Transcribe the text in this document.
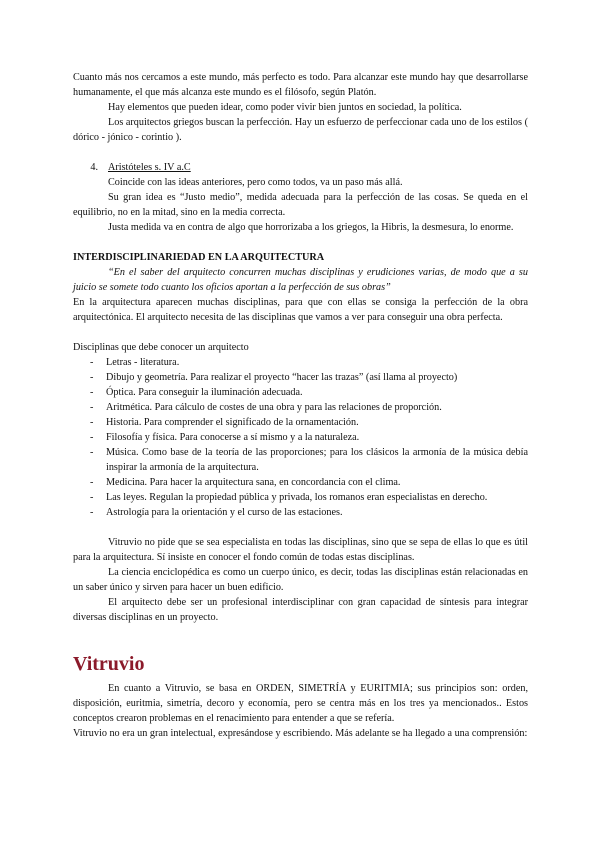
Cuanto más nos cercamos a este mundo, más perfecto es todo. Para alcanzar este mundo hay que desarrollarse humanamente, el que más alcanza este mundo es el filósofo, según Platón.

Hay elementos que pueden idear, como poder vivir bien juntos en sociedad, la política.

Los arquitectos griegos buscan la perfección. Hay un esfuerzo de perfeccionar cada uno de los estilos ( dórico - jónico - corintio ).

4. Aristóteles s. IV a.C

Coincide con las ideas anteriores, pero como todos, va un paso más allá.

Su gran idea es “Justo medio”, medida adecuada para la perfección de las cosas. Se queda en el equilibrio, no en la mitad, sino en la media correcta.

Justa medida va en contra de algo que horrorizaba a los griegos, la Hibris, la desmesura, lo enorme.

INTERDISCIPLINARIEDAD EN LA ARQUITECTURA

“En el saber del arquitecto concurren muchas disciplinas y erudiciones varias, de modo que a su juicio se somete todo cuanto los oficios aportan a la perfección de sus obras”

En la arquitectura aparecen muchas disciplinas, para que con ellas se consiga la perfección de la obra arquitectónica. El arquitecto necesita de las disciplinas que vamos a ver para conseguir una obra perfecta.

Disciplinas que debe conocer un arquitecto

-	Letras - literatura.
-	Dibujo y geometría. Para realizar el proyecto “hacer las trazas” (así llama al proyecto)
-	Óptica. Para conseguir la iluminación adecuada.
-	Aritmética. Para cálculo de costes de una obra y para las relaciones de proporción.
-	Historia. Para comprender el significado de la ornamentación.
-	Filosofía y física. Para conocerse a sí mismo y a la naturaleza.
-	Música. Como base de la teoría de las proporciones; para los clásicos la armonía de la música debía inspirar la armonía de la arquitectura.
-	Medicina. Para hacer la arquitectura sana, en concordancia con el clima.
-	Las leyes. Regulan la propiedad pública y privada, los romanos eran especialistas en derecho.
-	Astrología para la orientación y el curso de las estaciones.

Vitruvio no pide que se sea especialista en todas las disciplinas, sino que se sepa de ellas lo que es útil para la arquitectura. Sí insiste en conocer el fondo común de todas estas disciplinas.

La ciencia enciclopédica es como un cuerpo único, es decir, todas las disciplinas están relacionadas en un saber único y sirven para hacer un buen edificio.

El arquitecto debe ser un profesional interdisciplinar con gran capacidad de síntesis para integrar diversas disciplinas en un proyecto.

Vitruvio

En cuanto a Vitruvio, se basa en ORDEN, SIMETRÍA y EURITMIA; sus principios son: orden, disposición, euritmia, simetría, decoro y economía, pero se centra más en los tres ya mencionados.. Estos conceptos crearon problemas en el renacimiento para entender a que se refería.

Vitruvio no era un gran intelectual, expresándose y escribiendo. Más adelante se ha llegado a una comprensión:
